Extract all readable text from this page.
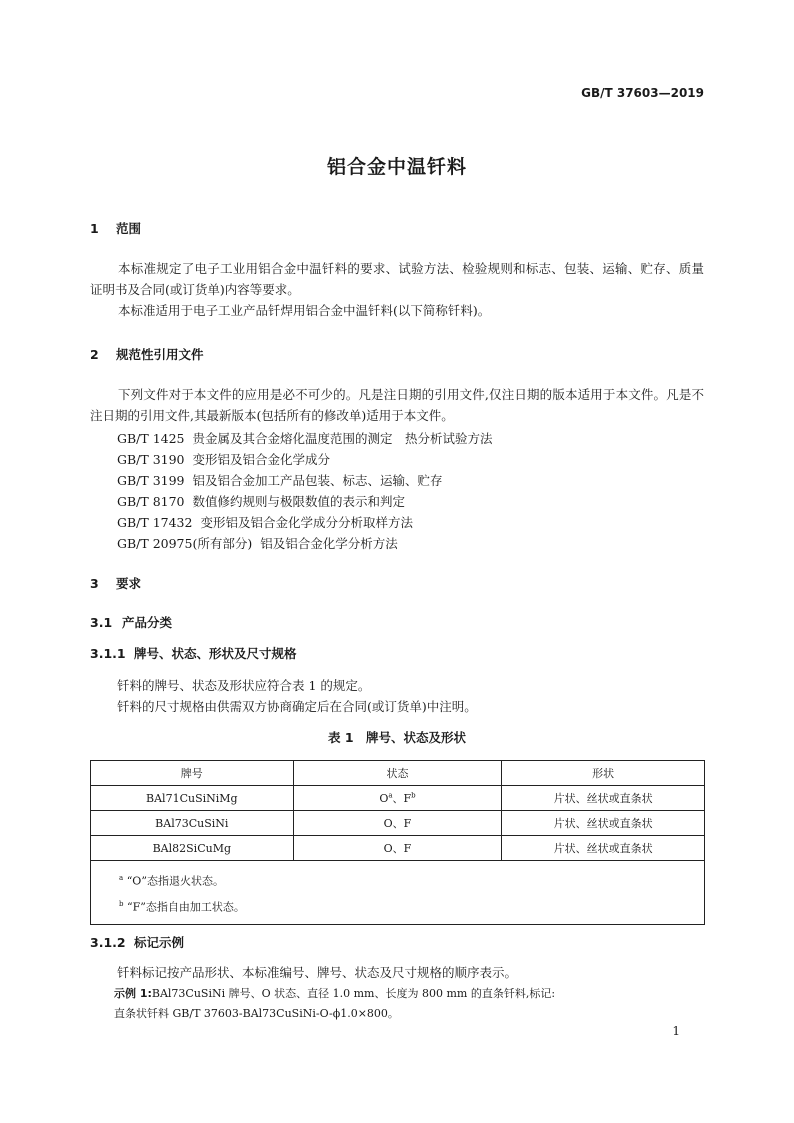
GB/T 37603—2019
铝合金中温钎料
1 范围
本标准规定了电子工业用铝合金中温钎料的要求、试验方法、检验规则和标志、包装、运输、贮存、质量证明书及合同(或订货单)内容等要求。
本标准适用于电子工业产品钎焊用铝合金中温钎料(以下简称钎料)。
2 规范性引用文件
下列文件对于本文件的应用是必不可少的。凡是注日期的引用文件,仅注日期的版本适用于本文件。凡是不注日期的引用文件,其最新版本(包括所有的修改单)适用于本文件。
GB/T 1425 贵金属及其合金熔化温度范围的测定　热分析试验方法
GB/T 3190 变形铝及铝合金化学成分
GB/T 3199 铝及铝合金加工产品包装、标志、运输、贮存
GB/T 8170 数值修约规则与极限数值的表示和判定
GB/T 17432 变形铝及铝合金化学成分分析取样方法
GB/T 20975(所有部分) 铝及铝合金化学分析方法
3 要求
3.1 产品分类
3.1.1 牌号、状态、形状及尺寸规格
钎料的牌号、状态及形状应符合表 1 的规定。
钎料的尺寸规格由供需双方协商确定后在合同(或订货单)中注明。
表 1　牌号、状态及形状
牌号	状态	形状
BAl71CuSiNiMg	$O^a$、$F^b$	片状、丝状或直条状
BAl73CuSiNi	O、F	片状、丝状或直条状
BAl82SiCuMg	O、F	片状、丝状或直条状

$^a$ “O”态指退火状态。
$^b$ “F”态指自由加工状态。		
3.1.2 标记示例
钎料标记按产品形状、本标准编号、牌号、状态及尺寸规格的顺序表示。
示例 1:BAl73CuSiNi 牌号、O 状态、直径 1.0 mm、长度为 800 mm 的直条钎料,标记:
直条状钎料 GB/T 37603-BAl73CuSiNi-O-ϕ1.0×800。
1
